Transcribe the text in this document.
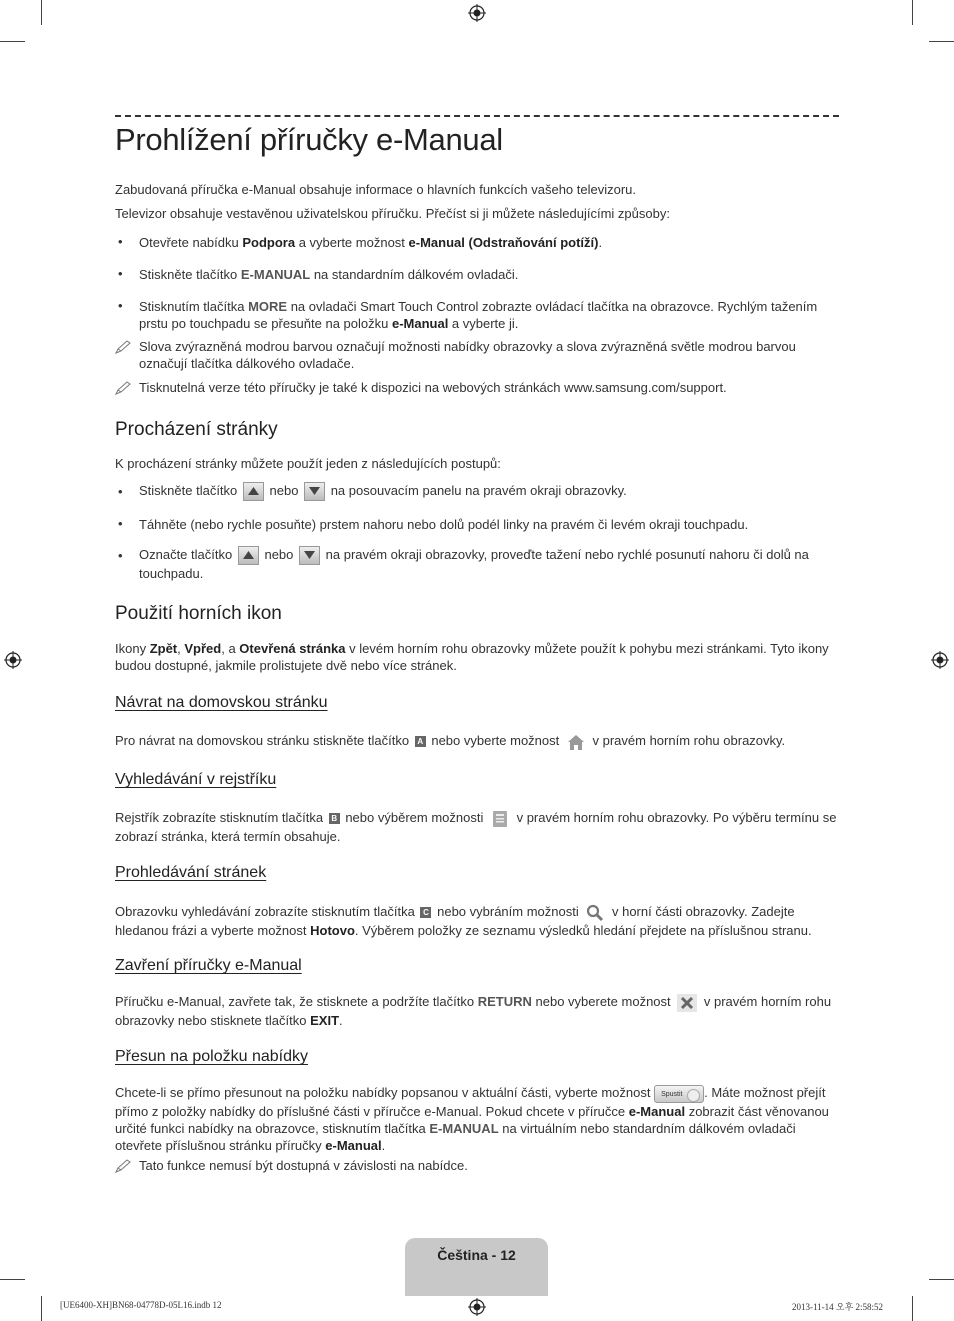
Prohlížení příručky e-Manual
Zabudovaná příručka e-Manual obsahuje informace o hlavních funkcích vašeho televizoru.
Televizor obsahuje vestavěnou uživatelskou příručku. Přečíst si ji můžete následujícími způsoby:
• Otevřete nabídku Podpora a vyberte možnost e-Manual (Odstraňování potíží).
• Stiskněte tlačítko E-MANUAL na standardním dálkovém ovladači.
• Stisknutím tlačítka MORE na ovladači Smart Touch Control zobrazte ovládací tlačítka na obrazovce. Rychlým tažením prstu po touchpadu se přesuňte na položku e-Manual a vyberte ji.
Slova zvýrazněná modrou barvou označují možnosti nabídky obrazovky a slova zvýrazněná světle modrou barvou označují tlačítka dálkového ovladače.
Tisknutelná verze této příručky je také k dispozici na webových stránkách www.samsung.com/support.
Procházení stránky
K procházení stránky můžete použít jeden z následujících postupů:
• Stiskněte tlačítko nebo na posouvacím panelu na pravém okraji obrazovky.
• Táhněte (nebo rychle posuňte) prstem nahoru nebo dolů podél linky na pravém či levém okraji touchpadu.
• Označte tlačítko nebo na pravém okraji obrazovky, proveďte tažení nebo rychlé posunutí nahoru či dolů na touchpadu.
Použití horních ikon
Ikony Zpět, Vpřed, a Otevřená stránka v levém horním rohu obrazovky můžete použít k pohybu mezi stránkami. Tyto ikony budou dostupné, jakmile prolistujete dvě nebo více stránek.
Návrat na domovskou stránku
Pro návrat na domovskou stránku stiskněte tlačítko A nebo vyberte možnost	v pravém horním rohu obrazovky.
Vyhledávání v rejstříku
Rejstřík zobrazíte stisknutím tlačítka B nebo výběrem možnosti	v pravém horním rohu obrazovky. Po výběru termínu se zobrazí stránka, která termín obsahuje.
Prohledávání stránek
Obrazovku vyhledávání zobrazíte stisknutím tlačítka C nebo vybráním možnosti	v horní části obrazovky. Zadejte hledanou frázi a vyberte možnost Hotovo. Výběrem položky ze seznamu výsledků hledání přejdete na příslušnou stranu.
Zavření příručky e-Manual
Příručku e-Manual, zavřete tak, že stisknete a podržíte tlačítko RETURN nebo vyberete možnost	v pravém horním rohu obrazovky nebo stisknete tlačítko EXIT.
Přesun na položku nabídky
Chcete-li se přímo přesunout na položku nabídky popsanou v aktuální části, vyberte možnost Spustit . Máte možnost přejít přímo z položky nabídky do příslušné části v příručce e-Manual. Pokud chcete v příručce e-Manual zobrazit část věnovanou určité funkci nabídky na obrazovce, stisknutím tlačítka E-MANUAL na virtuálním nebo standardním dálkovém ovladači otevřete příslušnou stránku příručky e-Manual.
Tato funkce nemusí být dostupná v závislosti na nabídce.
Čeština - 12
[UE6400-XH]BN68-04778D-05L16.indb 12	2013-11-14 오후 2:58:52
